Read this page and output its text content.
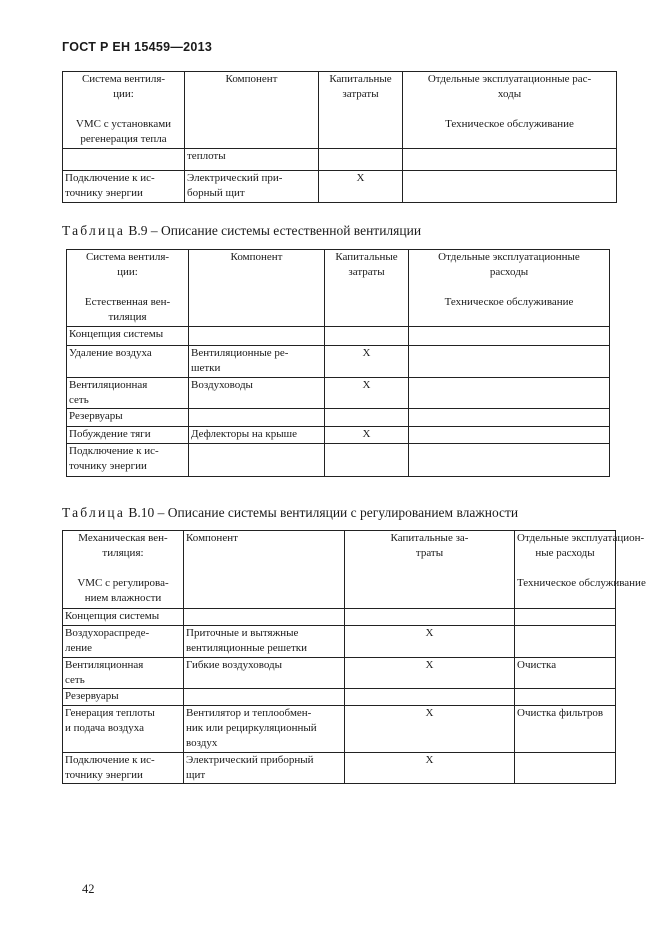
ГОСТ Р ЕН 15459—2013
Система вентиля-
ции:
VMC с установками
регенерация тепла	Компонент	Капитальные
затраты	Отдельные эксплуатационные рас-
ходы
Техническое обслуживание

	теплоты		

Подключение к ис-
точнику энергии	Электрический при-
борный щит	X	
Таблица В.9 – Описание системы естественной вентиляции
Система вентиля-
ции:
Естественная вен-
тиляция	Компонент	Капитальные
затраты	Отдельные эксплуатационные
расходы
Техническое обслуживание

Концепция системы			

Удаление воздуха	Вентиляционные ре-
шетки	X	

Вентиляционная
сеть	Воздуховоды	X	

Резервуары			

Побуждение тяги	Дефлекторы на крыше	X	

Подключение к ис-
точнику энергии			

Таблица В.10 – Описание системы вентиляции с регулированием влажности
Механическая вен-
тиляция:
VMC с регулирова-
нием влажности	Компонент	Капитальные за-
траты	Отдельные эксплуатацион-
ные расходы
Техническое обслуживание

Концепция системы			

Воздухораспреде-
ление	Приточные и вытяжные
вентиляционные решетки	X	

Вентиляционная
сеть	Гибкие воздуховоды	X	Очистка

Резервуары			

Генерация теплоты
и подача воздуха	Вентилятор и теплообмен-
ник или рециркуляционный
воздух	X	Очистка фильтров

Подключение к ис-
точнику энергии	Электрический приборный
щит	X	
42
